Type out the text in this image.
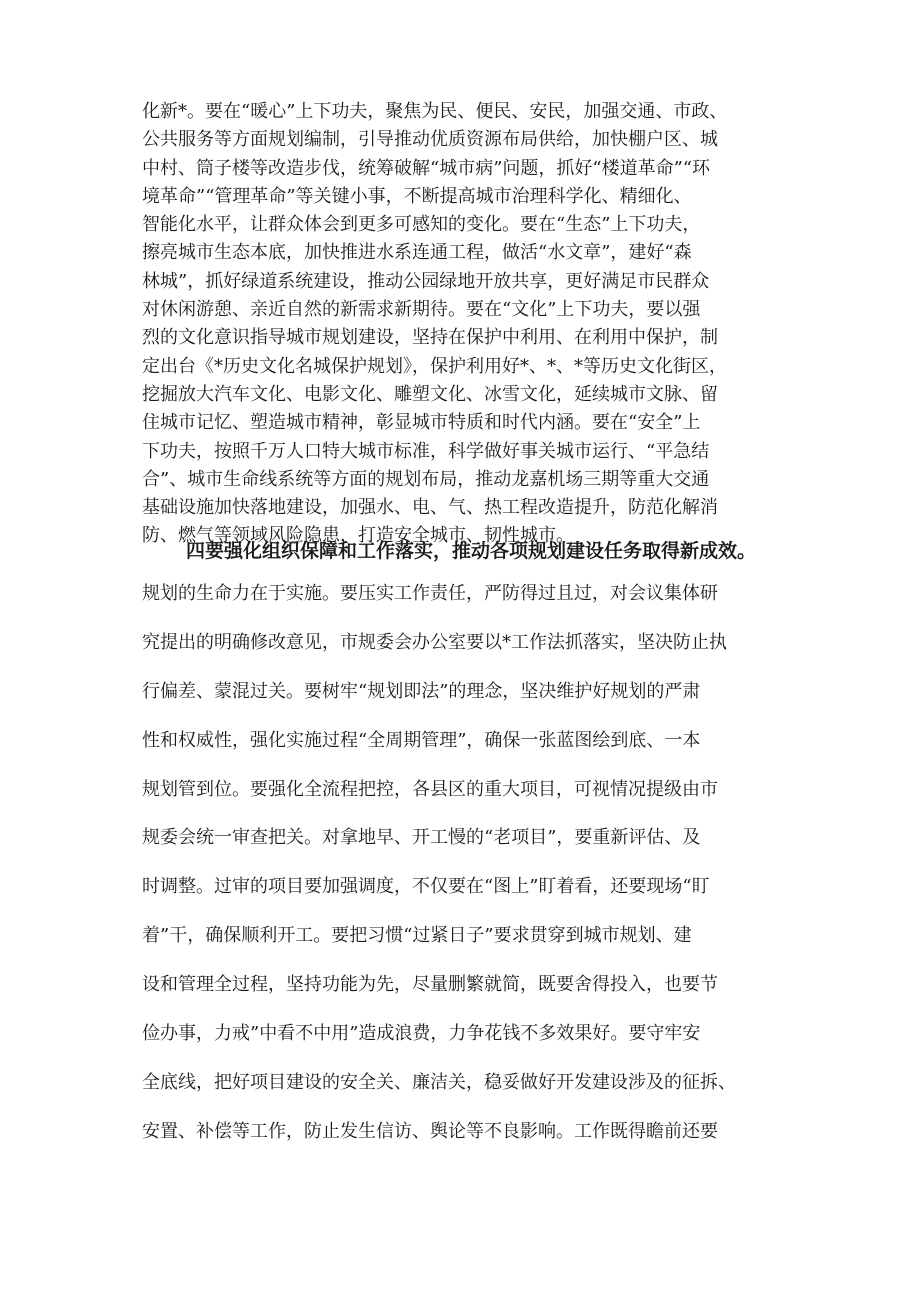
化新*。要在“暖心”上下功夫，聚焦为民、便民、安民，加强交通、市政、
公共服务等方面规划编制，引导推动优质资源布局供给，加快棚户区、城
中村、筒子楼等改造步伐，统筹破解“城市病”问题，抓好“楼道革命”“环
境革命”“管理革命”等关键小事，不断提高城市治理科学化、精细化、
智能化水平，让群众体会到更多可感知的变化。要在“生态”上下功夫，
擦亮城市生态本底，加快推进水系连通工程，做活“水文章”，建好“森
林城”，抓好绿道系统建设，推动公园绿地开放共享，更好满足市民群众
对休闲游憩、亲近自然的新需求新期待。要在“文化”上下功夫，要以强
烈的文化意识指导城市规划建设，坚持在保护中利用、在利用中保护，制
定出台《*历史文化名城保护规划》，保护利用好*、*、*等历史文化街区，
挖掘放大汽车文化、电影文化、雕塑文化、冰雪文化，延续城市文脉、留
住城市记忆、塑造城市精神，彰显城市特质和时代内涵。要在“安全”上
下功夫，按照千万人口特大城市标准，科学做好事关城市运行、“平急结
合”、城市生命线系统等方面的规划布局，推动龙嘉机场三期等重大交通
基础设施加快落地建设，加强水、电、气、热工程改造提升，防范化解消
防、燃气等领域风险隐患，打造安全城市、韧性城市。
四要强化组织保障和工作落实，推动各项规划建设任务取得新成效。
规划的生命力在于实施。要压实工作责任，严防得过且过，对会议集体研
究提出的明确修改意见，市规委会办公室要以*工作法抓落实，坚决防止执
行偏差、蒙混过关。要树牢“规划即法”的理念，坚决维护好规划的严肃
性和权威性，强化实施过程“全周期管理”，确保一张蓝图绘到底、一本
规划管到位。要强化全流程把控，各县区的重大项目，可视情况提级由市
规委会统一审查把关。对拿地早、开工慢的“老项目”，要重新评估、及
时调整。过审的项目要加强调度，不仅要在“图上”盯着看，还要现场“盯
着”干，确保顺利开工。要把习惯“过紧日子”要求贯穿到城市规划、建
设和管理全过程，坚持功能为先，尽量删繁就简，既要舍得投入，也要节
俭办事，力戒”中看不中用”造成浪费，力争花钱不多效果好。要守牢安
全底线，把好项目建设的安全关、廉洁关，稳妥做好开发建设涉及的征拆、
安置、补偿等工作，防止发生信访、舆论等不良影响。工作既得瞻前还要
